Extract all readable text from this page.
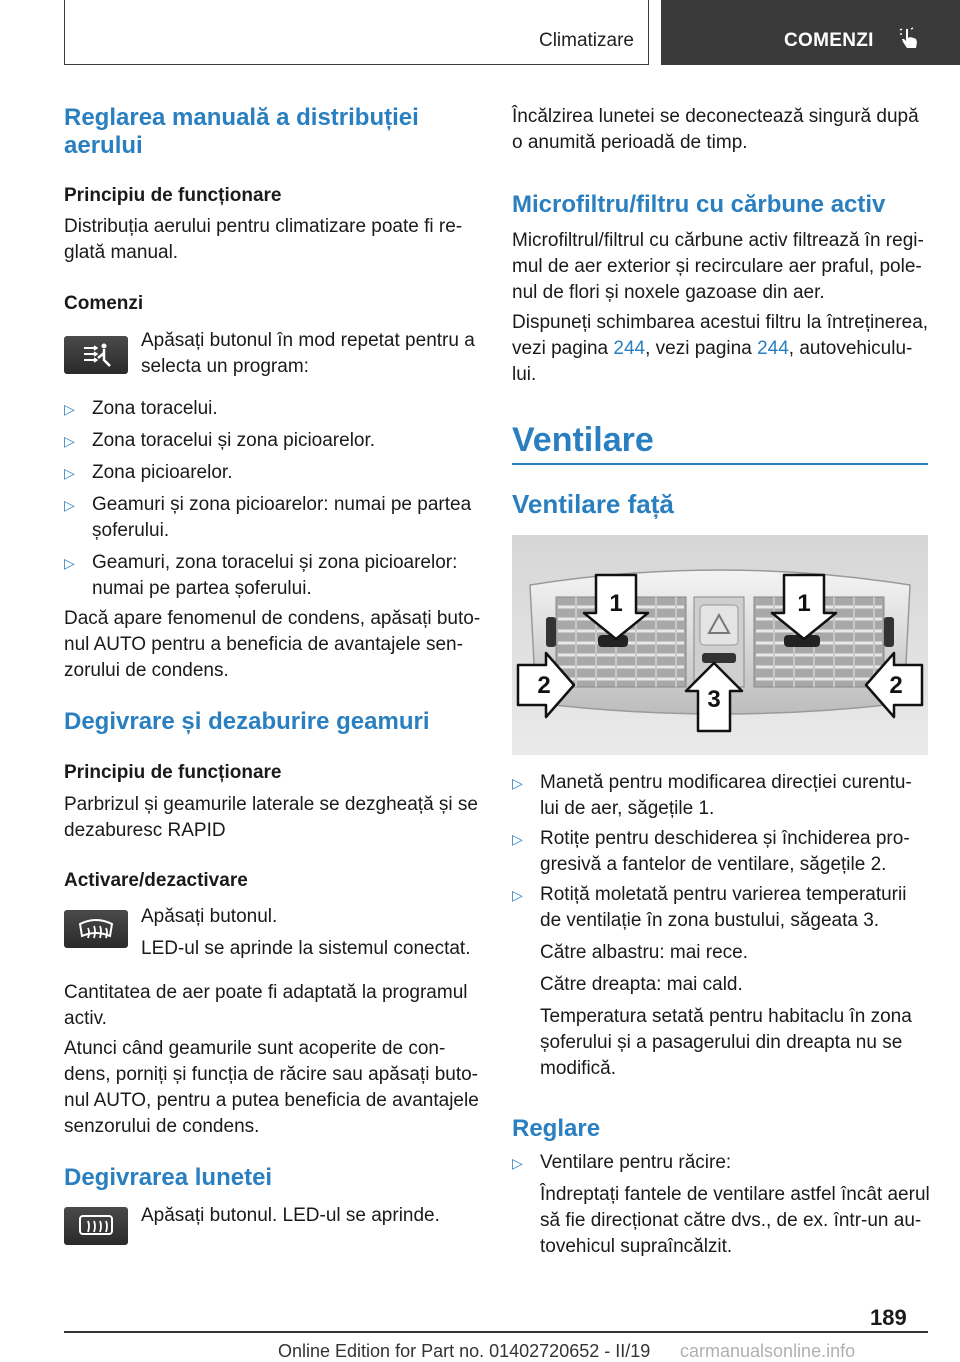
Climatizare	COMENZI
Reglarea manuală a distribuției
aerului
Principiu de funcționare
Distribuția aerului pentru climatizare poate fi re-
glată manual.
Comenzi
Apăsați butonul în mod repetat pentru a
selecta un program:
▷ Zona toracelui.
▷ Zona toracelui și zona picioarelor.
▷ Zona picioarelor.
▷ Geamuri și zona picioarelor: numai pe partea
șoferului.
▷ Geamuri, zona toracelui și zona picioarelor:
numai pe partea șoferului.
Dacă apare fenomenul de condens, apăsați buto-
nul AUTO pentru a beneficia de avantajele sen-
zorului de condens.
Degivrare și dezaburire geamuri
Principiu de funcționare
Parbrizul și geamurile laterale se dezgheață și se
dezaburesc RAPID
Activare/dezactivare
Apăsați butonul.
LED-ul se aprinde la sistemul conectat.
Cantitatea de aer poate fi adaptată la programul
activ.
Atunci când geamurile sunt acoperite de con-
dens, porniți și funcția de răcire sau apăsați buto-
nul AUTO, pentru a putea beneficia de avantajele
senzorului de condens.
Degivrarea lunetei
Apăsați butonul. LED-ul se aprinde.
Încălzirea lunetei se deconectează singură după
o anumită perioadă de timp.
Microfiltru/filtru cu cărbune activ
Microfiltrul/filtrul cu cărbune activ filtrează în regi-
mul de aer exterior și recirculare aer praful, pole-
nul de flori și noxele gazoase din aer.
Dispuneți schimbarea acestui filtru la întreținerea,
vezi pagina 244, vezi pagina 244, autovehiculu-
lui.
Ventilare
Ventilare față
1	1
2	2
3
▷ Manetă pentru modificarea direcției curentu-
lui de aer, săgețile 1.
▷ Rotițe pentru deschiderea și închiderea pro-
gresivă a fantelor de ventilare, săgețile 2.
▷ Rotiță moletată pentru varierea temperaturii
de ventilație în zona bustului, săgeata 3.
Către albastru: mai rece.
Către dreapta: mai cald.
Temperatura setată pentru habitaclu în zona
șoferului și a pasagerului din dreapta nu se
modifică.
Reglare
▷ Ventilare pentru răcire:
Îndreptați fantele de ventilare astfel încât aerul
să fie direcționat către dvs., de ex. într-un au-
tovehicul supraîncălzit.
189
Online Edition for Part no. 01402720652 - II/19 carmanualsonline.info
